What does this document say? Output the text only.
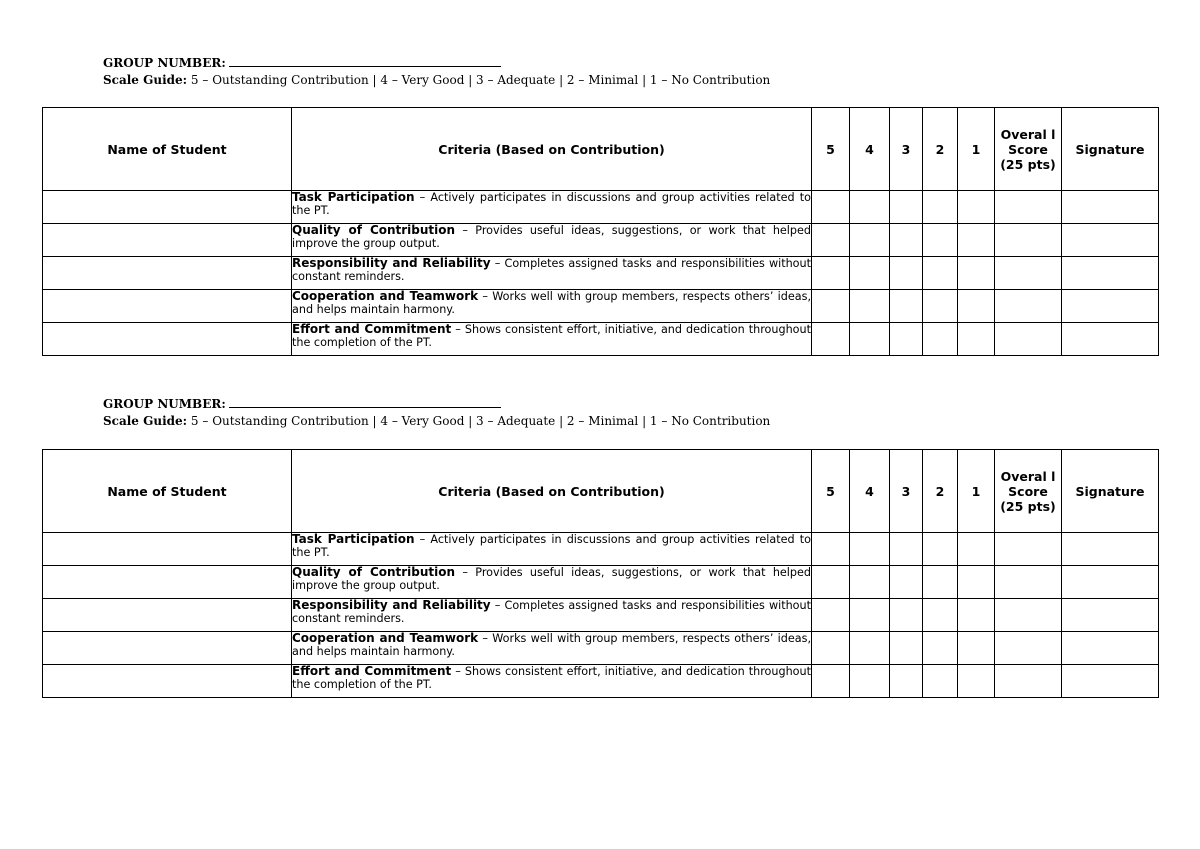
GROUP NUMBER:
Scale Guide: 5 – Outstanding Contribution | 4 – Very Good | 3 – Adequate | 2 – Minimal | 1 – No Contribution
Name of Student	Criteria (Based on Contribution)	5	4	3	2	1	Overal l Score (25 pts)	Signature
	Task Participation – Actively participates in discussions and group activities related to the PT.							
	Quality of Contribution – Provides useful ideas, suggestions, or work that helped improve the group output.							
	Responsibility and Reliability – Completes assigned tasks and responsibilities without constant reminders.							
	Cooperation and Teamwork – Works well with group members, respects others’ ideas, and helps maintain harmony.							
	Effort and Commitment – Shows consistent effort, initiative, and dedication throughout the completion of the PT.							
GROUP NUMBER:
Scale Guide: 5 – Outstanding Contribution | 4 – Very Good | 3 – Adequate | 2 – Minimal | 1 – No Contribution
Name of Student	Criteria (Based on Contribution)	5	4	3	2	1	Overal l Score (25 pts)	Signature
	Task Participation – Actively participates in discussions and group activities related to the PT.							
	Quality of Contribution – Provides useful ideas, suggestions, or work that helped improve the group output.							
	Responsibility and Reliability – Completes assigned tasks and responsibilities without constant reminders.							
	Cooperation and Teamwork – Works well with group members, respects others’ ideas, and helps maintain harmony.							
	Effort and Commitment – Shows consistent effort, initiative, and dedication throughout the completion of the PT.							
